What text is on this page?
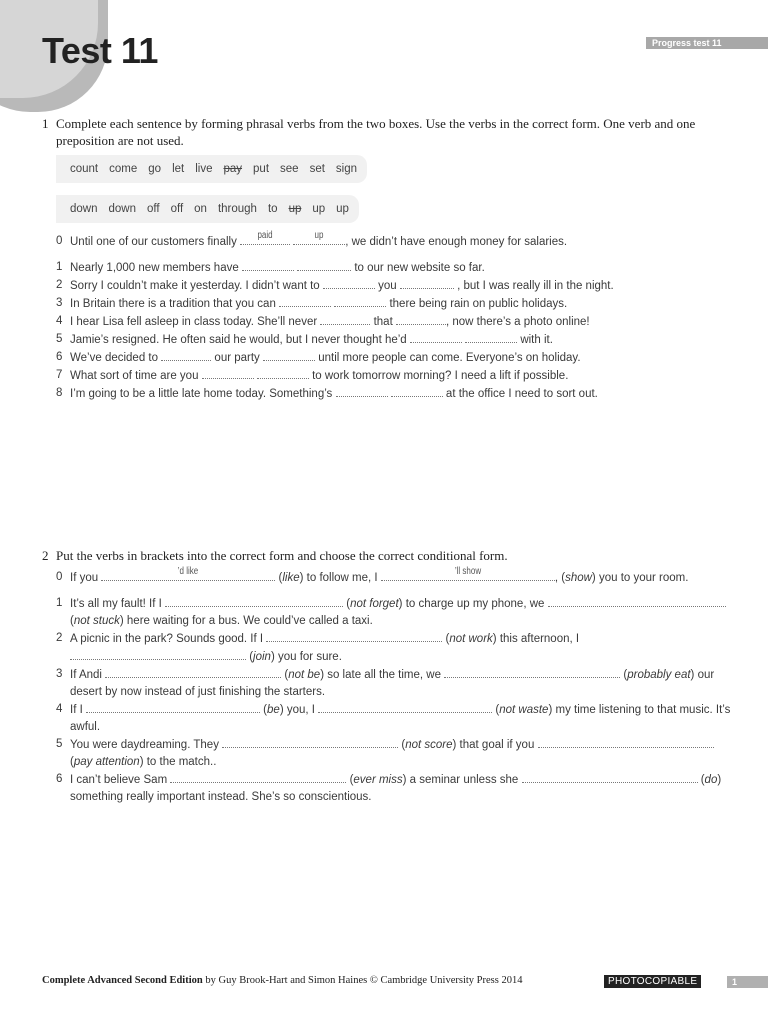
Test 11	Progress test 11
1 Complete each sentence by forming phrasal verbs from the two boxes. Use the verbs in the correct form. One verb and one preposition are not used.
count come go let live pay put see set sign
down down off off on through to up up up
0 Until one of our customers finally
paid
	up
, we didn’t have enough money for salaries.
1 Nearly 1,000 new members have	to our new website so far.
2 Sorry I couldn’t make it yesterday. I didn’t want to	you	, but I was really ill in the night.
3 In Britain there is a tradition that you can	there being rain on public holidays.
4 I hear Lisa fell asleep in class today. She’ll never	that	, now there’s a photo online!
5 Jamie’s resigned. He often said he would, but I never thought he’d	with it.
6 We’ve decided to	our party	until more people can come. Everyone’s on holiday.
7 What sort of time are you	to work tomorrow morning? I need a lift if possible.
8 I’m going to be a little late home today. Something’s	at the office I need to sort out.
2 Put the verbs in brackets into the correct form and choose the correct conditional form.
0 If you
’d like
(like) to follow me, I
’ll show
, (show) you to your room.
1 It’s all my fault! If I	(not forget) to charge up my phone, we  (not stuck) here waiting for a bus. We could’ve called a taxi.
2 A picnic in the park? Sounds good. If I	(not work) this afternoon, I  (join) you for sure.
3 If Andi	(not be) so late all the time, we	(probably eat) our desert by now instead of just finishing the starters.
4 If I	(be) you, I	(not waste) my time listening to that music. It’s awful.
5 You were daydreaming. They	(not score) that goal if you  (pay attention) to the match..
6 I can’t believe Sam	(ever miss) a seminar unless she	(do) something really important instead. She’s so conscientious.
Complete Advanced Second Edition by Guy Brook-Hart and Simon Haines © Cambridge University Press 2014	PHOTOCOPIABLE	1
